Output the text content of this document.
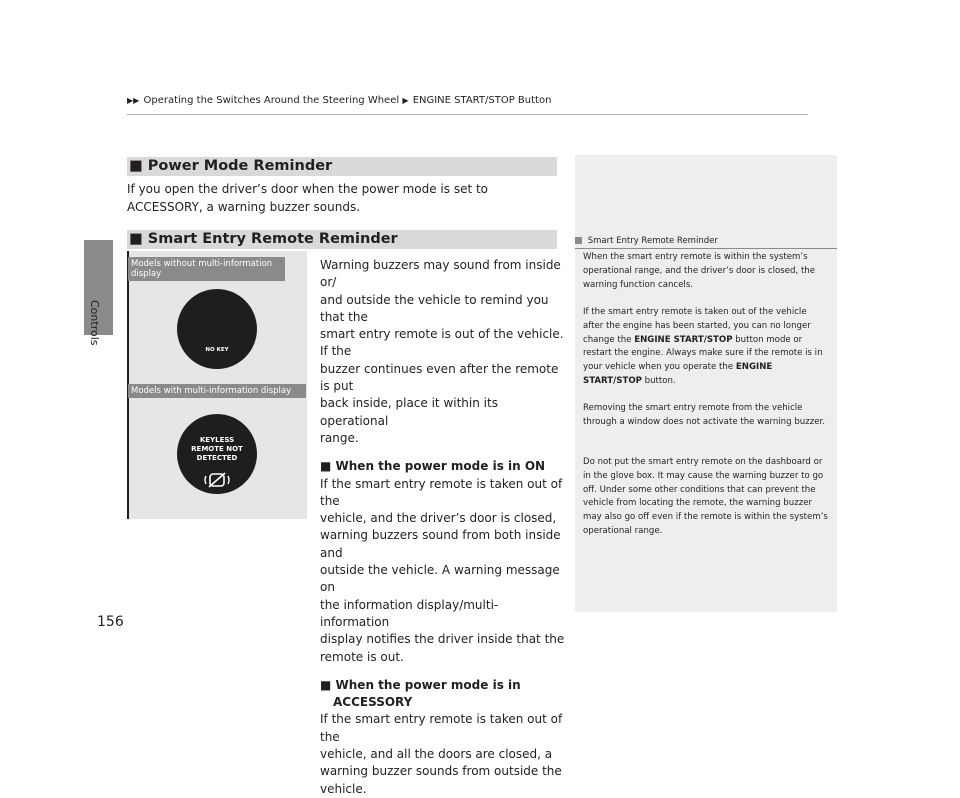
Controls
▶▶ Operating the Switches Around the Steering Wheel ▶ ENGINE START/STOP Button
■ Power Mode Reminder
If you open the driver’s door when the power mode is set to ACCESSORY, a warning buzzer sounds.
■ Smart Entry Remote Reminder
Warning buzzers may sound from inside or/
and outside the vehicle to remind you that the
smart entry remote is out of the vehicle. If the
buzzer continues even after the remote is put
back inside, place it within its operational
range.
■ When the power mode is in ON
If the smart entry remote is taken out of the
vehicle, and the driver’s door is closed,
warning buzzers sound from both inside and
outside the vehicle. A warning message on
the information display/multi-information
display notifies the driver inside that the
remote is out.
■ When the power mode is in
ACCESSORY
If the smart entry remote is taken out of the
vehicle, and all the doors are closed, a
warning buzzer sounds from outside the
vehicle.
Models without multi-information display
NO KEY
Models with multi-information display
KEYLESS
REMOTE NOT
DETECTED
Smart Entry Remote Reminder
When the smart entry remote is within the system’s operational range, and the driver’s door is closed, the warning function cancels.
If the smart entry remote is taken out of the vehicle after the engine has been started, you can no longer change the ENGINE START/STOP button mode or restart the engine. Always make sure if the remote is in your vehicle when you operate the ENGINE START/STOP button.
Removing the smart entry remote from the vehicle through a window does not activate the warning buzzer.
Do not put the smart entry remote on the dashboard or in the glove box. It may cause the warning buzzer to go off. Under some other conditions that can prevent the vehicle from locating the remote, the warning buzzer may also go off even if the remote is within the system’s operational range.
156
